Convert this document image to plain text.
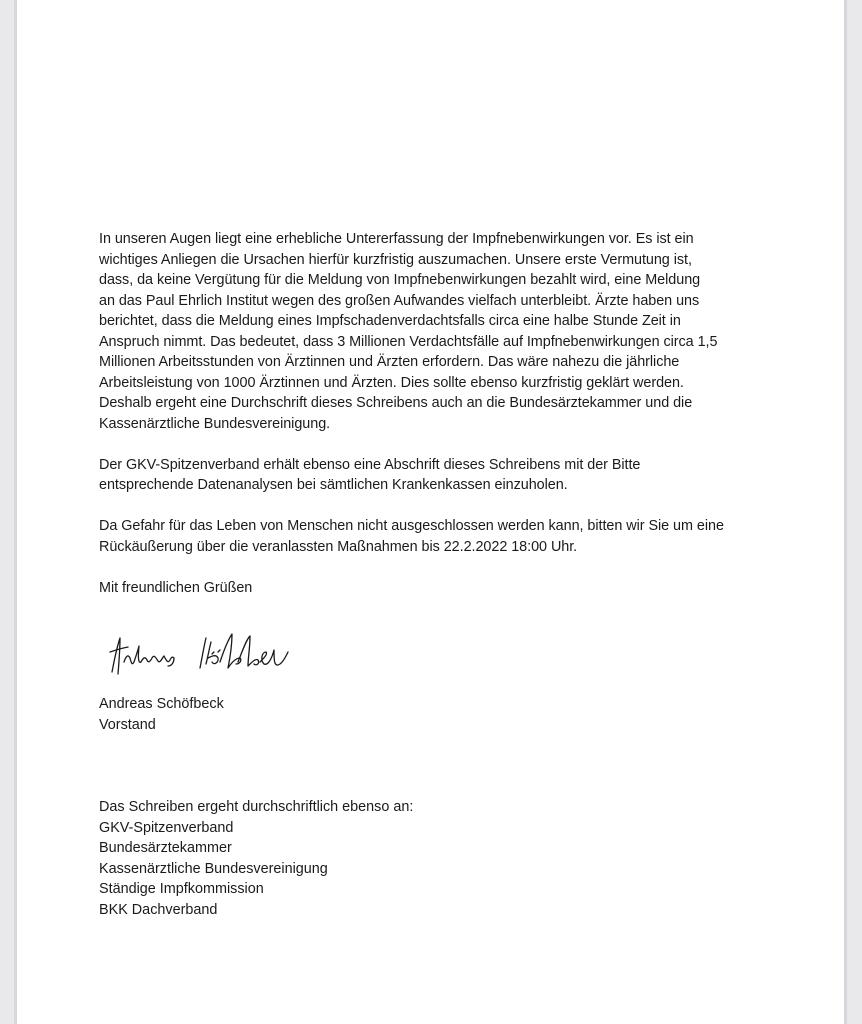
In unseren Augen liegt eine erhebliche Untererfassung der Impfnebenwirkungen vor. Es ist ein
wichtiges Anliegen die Ursachen hierfür kurzfristig auszumachen. Unsere erste Vermutung ist,
dass, da keine Vergütung für die Meldung von Impfnebenwirkungen bezahlt wird, eine Meldung
an das Paul Ehrlich Institut wegen des großen Aufwandes vielfach unterbleibt. Ärzte haben uns
berichtet, dass die Meldung eines Impfschadenverdachtsfalls circa eine halbe Stunde Zeit in
Anspruch nimmt. Das bedeutet, dass 3 Millionen Verdachtsfälle auf Impfnebenwirkungen circa 1,5
Millionen Arbeitsstunden von Ärztinnen und Ärzten erfordern. Das wäre nahezu die jährliche
Arbeitsleistung von 1000 Ärztinnen und Ärzten. Dies sollte ebenso kurzfristig geklärt werden.
Deshalb ergeht eine Durchschrift dieses Schreibens auch an die Bundesärztekammer und die
Kassenärztliche Bundesvereinigung.

Der GKV-Spitzenverband erhält ebenso eine Abschrift dieses Schreibens mit der Bitte
entsprechende Datenanalysen bei sämtlichen Krankenkassen einzuholen.

Da Gefahr für das Leben von Menschen nicht ausgeschlossen werden kann, bitten wir Sie um eine
Rückäußerung über die veranlassten Maßnahmen bis 22.2.2022 18:00 Uhr.

Mit freundlichen Grüßen

Andreas Schöfbeck
Vorstand
Das Schreiben ergeht durchschriftlich ebenso an:
GKV-Spitzenverband
Bundesärztekammer
Kassenärztliche Bundesvereinigung
Ständige Impfkommission
BKK Dachverband
